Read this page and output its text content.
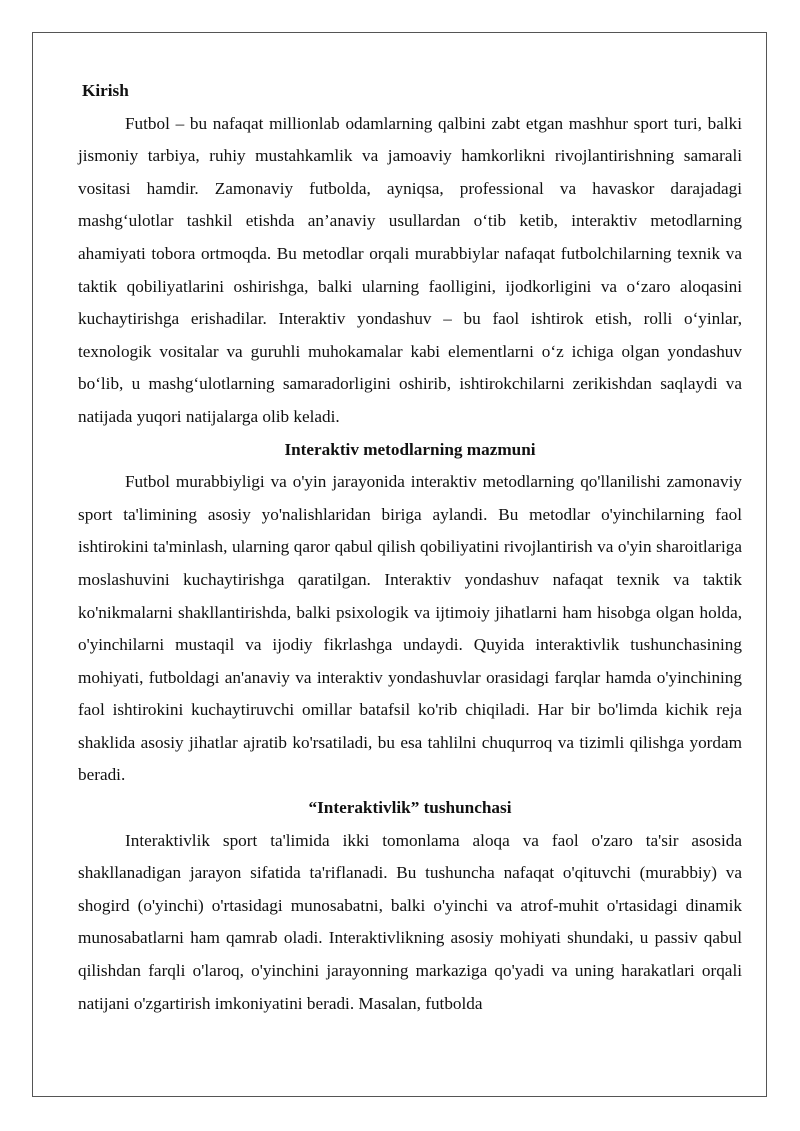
Kirish

Futbol – bu nafaqat millionlab odamlarning qalbini zabt etgan mashhur sport turi, balki jismoniy tarbiya, ruhiy mustahkamlik va jamoaviy hamkorlikni rivojlantirishning samarali vositasi hamdir. Zamonaviy futbolda, ayniqsa, professional va havaskor darajadagi mashg‘ulotlar tashkil etishda an’anaviy usullardan o‘tib ketib, interaktiv metodlarning ahamiyati tobora ortmoqda. Bu metodlar orqali murabbiylar nafaqat futbolchilarning texnik va taktik qobiliyatlarini oshirishga, balki ularning faolligini, ijodkorligini va o‘zaro aloqasini kuchaytirishga erishadilar. Interaktiv yondashuv – bu faol ishtirok etish, rolli o‘yinlar, texnologik vositalar va guruhli muhokamalar kabi elementlarni o‘z ichiga olgan yondashuv bo‘lib, u mashg‘ulotlarning samaradorligini oshirib, ishtirokchilarni zerikishdan saqlaydi va natijada yuqori natijalarga olib keladi.

Interaktiv metodlarning mazmuni

Futbol murabbiyligi va o'yin jarayonida interaktiv metodlarning qo'llanilishi zamonaviy sport ta'limining asosiy yo'nalishlaridan biriga aylandi. Bu metodlar o'yinchilarning faol ishtirokini ta'minlash, ularning qaror qabul qilish qobiliyatini rivojlantirish va o'yin sharoitlariga moslashuvini kuchaytirishga qaratilgan. Interaktiv yondashuv nafaqat texnik va taktik ko'nikmalarni shakllantirishda, balki psixologik va ijtimoiy jihatlarni ham hisobga olgan holda, o'yinchilarni mustaqil va ijodiy fikrlashga undaydi. Quyida interaktivlik tushunchasining mohiyati, futboldagi an'anaviy va interaktiv yondashuvlar orasidagi farqlar hamda o'yinchining faol ishtirokini kuchaytiruvchi omillar batafsil ko'rib chiqiladi. Har bir bo'limda kichik reja shaklida asosiy jihatlar ajratib ko'rsatiladi, bu esa tahlilni chuqurroq va tizimli qilishga yordam beradi.

“Interaktivlik” tushunchasi

Interaktivlik sport ta'limida ikki tomonlama aloqa va faol o'zaro ta'sir asosida shakllanadigan jarayon sifatida ta'riflanadi. Bu tushuncha nafaqat o'qituvchi (murabbiy) va shogird (o'yinchi) o'rtasidagi munosabatni, balki o'yinchi va atrof-muhit o'rtasidagi dinamik munosabatlarni ham qamrab oladi. Interaktivlikning asosiy mohiyati shundaki, u passiv qabul qilishdan farqli o'laroq, o'yinchini jarayonning markaziga qo'yadi va uning harakatlari orqali natijani o'zgartirish imkoniyatini beradi. Masalan, futbolda
